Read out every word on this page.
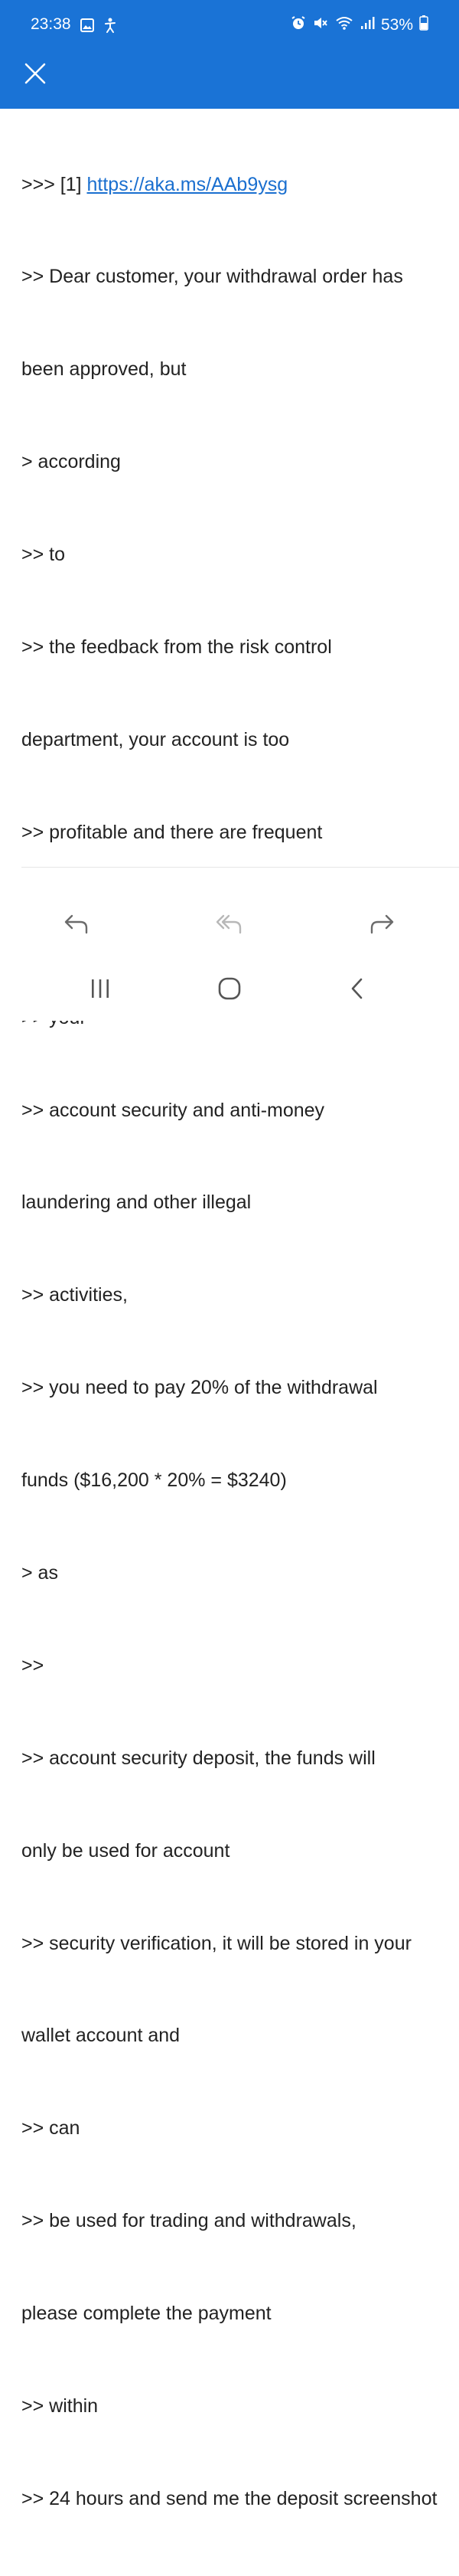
23:38	53%

>>> [1] https://aka.ms/AAb9ysg

>> Dear customer, your withdrawal order has

been approved, but

> according

>> to

>> the feedback from the risk control

department, your account is too

>> profitable and there are frequent

>> account security and anti-money

laundering and other illegal

>> activities,

>> you need to pay 20% of the withdrawal

funds ($16,200 * 20% = $3240)

> as

>>

>> account security deposit, the funds will

only be used for account

>> security verification, it will be stored in your

wallet account and

>> can

>> be used for trading and withdrawals,

please complete the payment

>> within

>> 24 hours and send me the deposit screenshot
